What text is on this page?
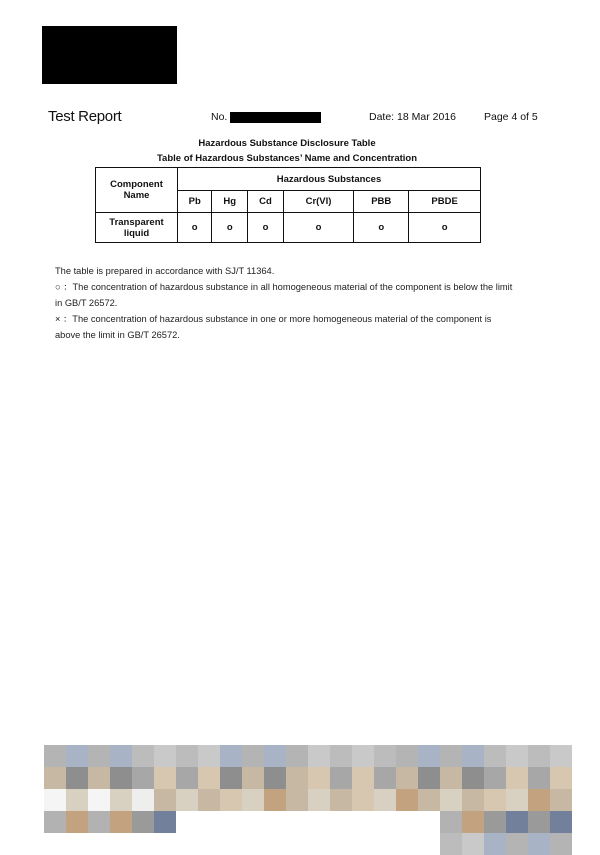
Test Report	No.	Date: 18 Mar 2016	Page 4 of 5
Hazardous Substance Disclosure Table
Table of Hazardous Substances’ Name and Concentration
Component Name	Hazardous Substances					
	Pb	Hg	Cd	Cr(VI)	PBB	PBDE
Transparent liquid	o	o	o	o	o	o

The table is prepared in accordance with SJ/T 11364.

○ ：The concentration of hazardous substance in all homogeneous material of the component is below the limit in GB/T 26572.

× ：The concentration of hazardous substance in one or more homogeneous material of the component is above the limit in GB/T 26572.
